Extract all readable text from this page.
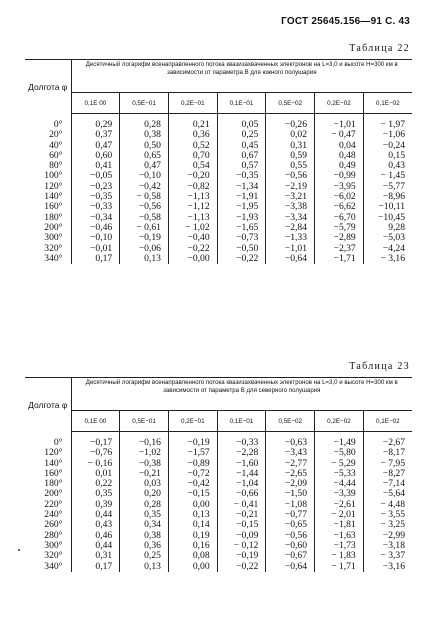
ГОСТ 25645.156—91 С. 43
Таблица 22
Долгота φ	Десятичный логарифм всенаправленного потока квазизахваченных электронов на L=3,0 и высоте H=300 км в зависимости от параметра B для южного полушария						
	0,1E 00	0,5E−01	0,2E−01	0,1E−01	0,5E−02	0,2E−02	0,1E−02
0°	0,29	0,28	0,21	0,05	−0,26	−1,01	− 1,97
20°	0,37	0,38	0,36	0,25	0,02	− 0,47	−1,06
40°	0,47	0,50	0,52	0,45	0,31	0,04	−0,24
60°	0,60	0,65	0,70	0,67	0,59	0,48	0,15
80°	0,41	0,47	0,54	0,57	0,55	0,49	0,43
100°	−0,05	−0,10	−0,20	−0,35	−0,56	−0,99	− 1,45
120°	−0,23	−0,42	−0,82	−1,34	−2,19	−3,95	−5,77
140°	−0,35	− 0,58	−1,13	−1,91	−3,21	−6,02	−8,96
160°	−0,33	−0,56	−1,12	−1,95	−3,38	−6,62	−10,11
180°	−0,34	−0,58	−1,13	−1,93	−3,34	−6,70	−10,45
200°	−0,46	− 0,61	− 1,02	−1,65	−2,84	−5,79	9,28
300°	−0,10	−0,19	−0,40	−0,73	−1,33	−2,89	−5,03
320°	−0,01	−0,06	−0,22	−0,50	−1,01	−2,37	−4,24
340°	0,17	0,13	−0,00	−0,22	−0,64	−1,71	− 3,16
Таблица 23
Долгота φ	Десятичный логарифм всенаправленного потока квазизахваченных электронов на L=3,0 и высоте H=300 км в зависимости от параметра B для северного полушария						
	0,1E 00	0,5E−01	0,2E−01	0,1E−01	0,5E−02	0,2E−02	0,1E−02
0°	−0,17	−0,16	−0,19	−0,33	−0,63	−1,49	−2,67
120°	−0,76	−1,02	−1,57	−2,28	−3,43	−5,80	−8,17
140°	− 0,16	−0,38	−0,89	−1,60	−2,77	− 5,29	− 7,95
160°	0,01	−0,21	−0,72	−1,44	−2,65	−5,33	−8,27
180°	0,22	0,03	−0,42	−1,04	−2,09	−4,44	−7,14
200°	0,35	0,20	−0,15	−0,66	−1,50	−3,39	−5,64
220°	0,39	0,28	0,00	− 0,41	−1,08	−2,61	− 4,48
240°	0,44	0,35	0,13	−0,21	−0,77	− 2,01	− 3,55
260°	0,43	0,34	0,14	−0,15	−0,65	−1,81	− 3,25
280°	0,46	0,38	0,19	−0,09	−0,56	−1,63	−2,99
300°	0,44	0,36	0,16	− 0,12	−0,60	−1,73	−3,18
320°	0,31	0,25	0,08	−0,19	−0,67	− 1,83	− 3,37
340°	0,17	0,13	0,00	−0,22	−0,64	− 1,71	−3,16
